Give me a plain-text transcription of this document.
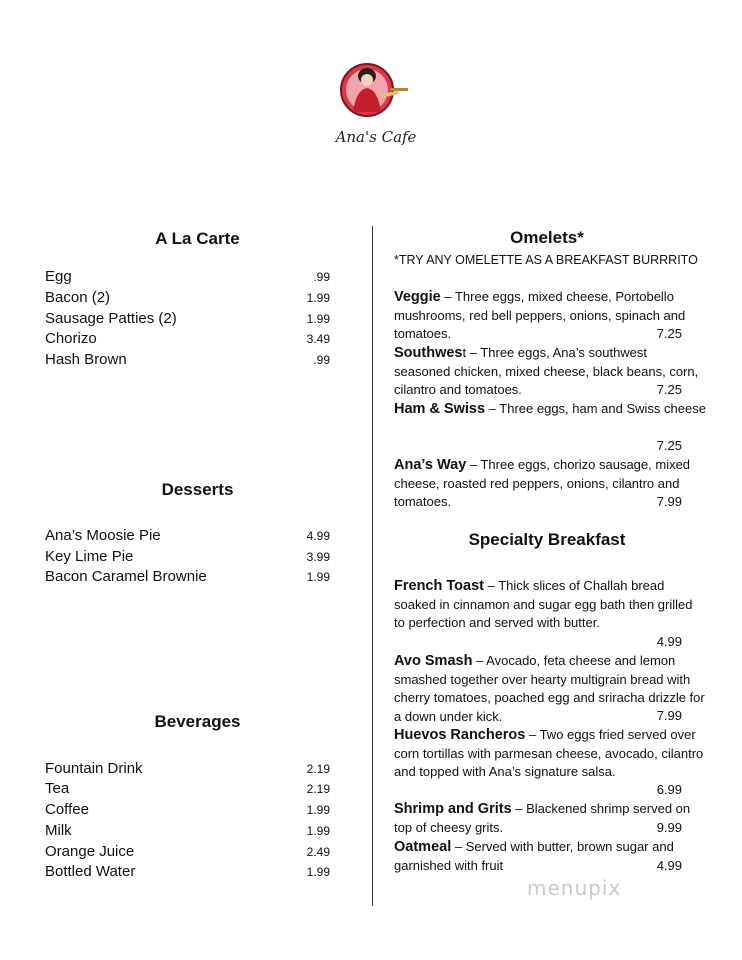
Ana's Cafe
A La Carte
Egg	.99
Bacon (2)	1.99
Sausage Patties (2)	1.99
Chorizo	3.49
Hash Brown	.99
Desserts
Ana’s Moosie Pie	4.99
Key Lime Pie	3.99
Bacon Caramel Brownie	1.99
Beverages
Fountain Drink	2.19
Tea	2.19
Coffee	1.99
Milk	1.99
Orange Juice	2.49
Bottled Water	1.99
Omelets*
*TRY ANY OMELETTE AS A BREAKFAST BURRRITO
Veggie – Three eggs, mixed cheese, Portobello mushrooms, red bell peppers, onions, spinach and tomatoes.	7.25
Southwest – Three eggs, Ana’s southwest seasoned chicken, mixed cheese, black beans, corn, cilantro and tomatoes.	7.25
Ham & Swiss – Three eggs, ham and Swiss cheese
7.25
Ana’s Way – Three eggs, chorizo sausage, mixed cheese, roasted red peppers, onions, cilantro and tomatoes.	7.99
Specialty Breakfast
French Toast – Thick slices of Challah bread soaked in cinnamon and sugar egg bath then grilled to perfection and served with butter.
4.99
Avo Smash – Avocado, feta cheese and lemon smashed together over hearty multigrain bread with cherry tomatoes, poached egg and sriracha drizzle for a down under kick.	7.99
Huevos Rancheros – Two eggs fried served over corn tortillas with parmesan cheese, avocado, cilantro and topped with Ana’s signature salsa.
6.99
Shrimp and Grits – Blackened shrimp served on top of cheesy grits.	9.99
Oatmeal – Served with butter, brown sugar and garnished with fruit	4.99
menupix
